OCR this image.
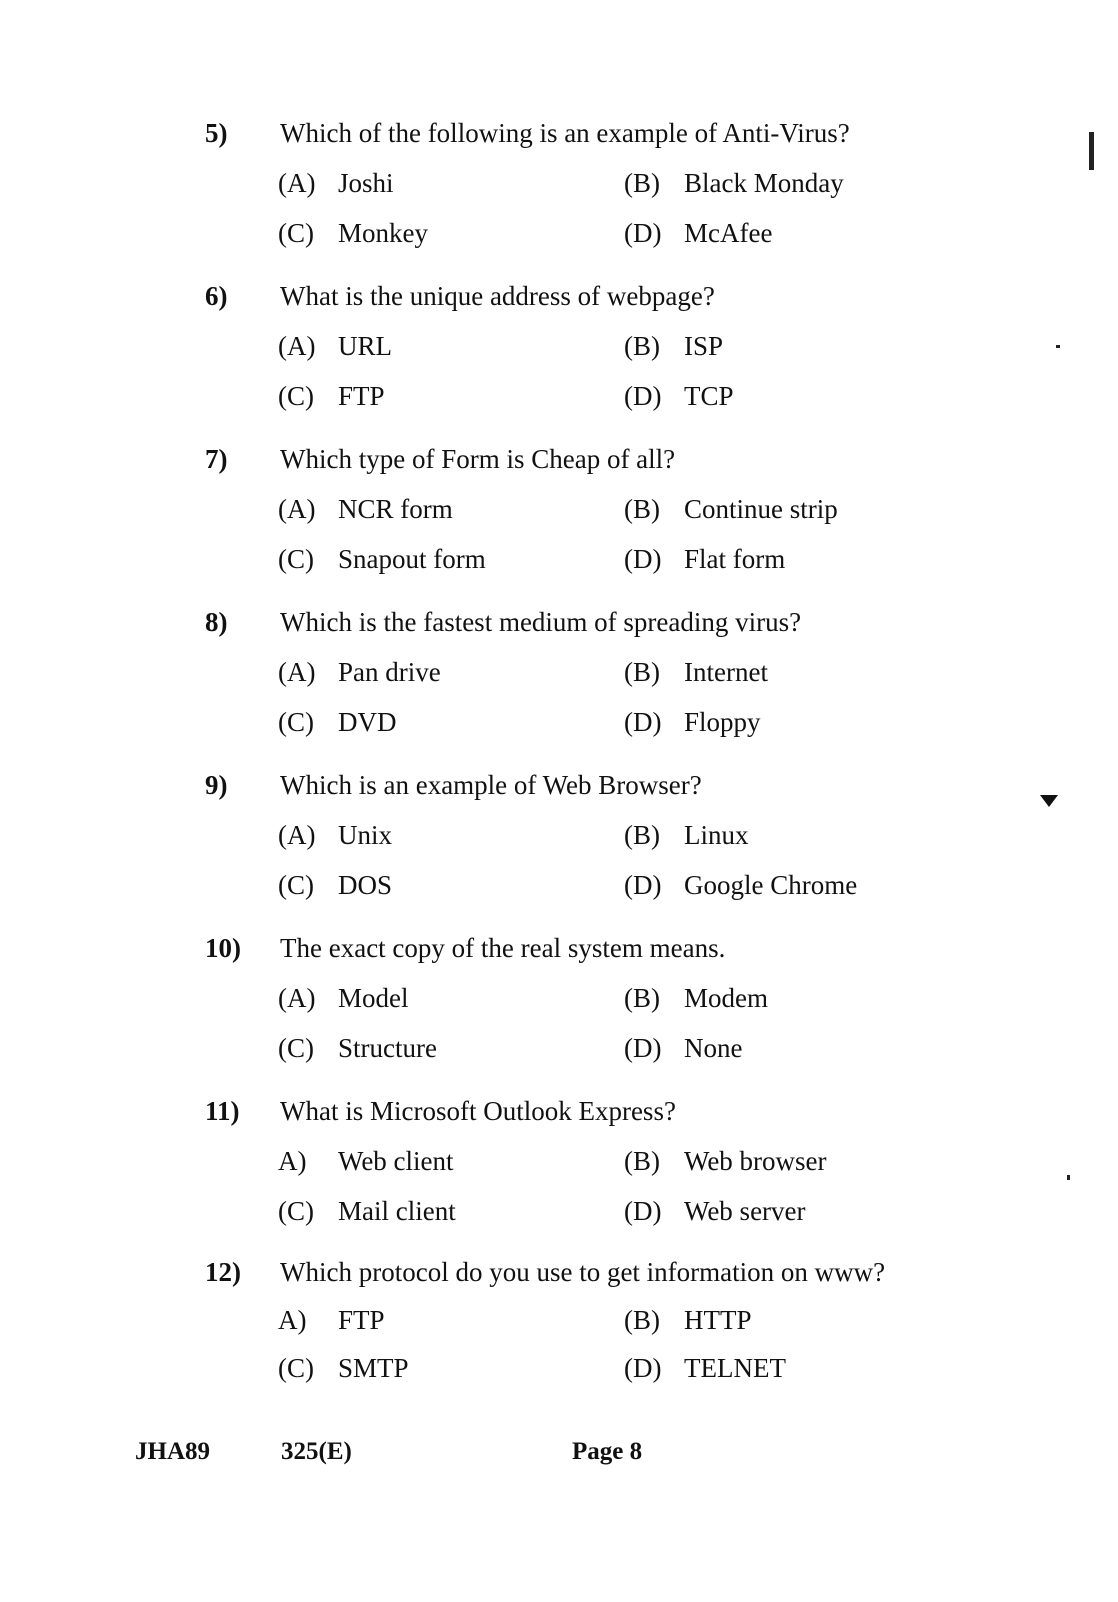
5) Which of the following is an example of Anti-Virus?
(A) Joshi	(B) Black Monday
(C) Monkey	(D) McAfee
6) What is the unique address of webpage?
(A) URL	(B) ISP
(C) FTP	(D) TCP
7) Which type of Form is Cheap of all?
(A) NCR form	(B) Continue strip
(C) Snapout form	(D) Flat form
8) Which is the fastest medium of spreading virus?
(A) Pan drive	(B) Internet
(C) DVD	(D) Floppy
9) Which is an example of Web Browser?
(A) Unix	(B) Linux
(C) DOS	(D) Google Chrome
10) The exact copy of the real system means.
(A) Model	(B) Modem
(C) Structure	(D) None
11) What is Microsoft Outlook Express?
A) Web client	(B) Web browser
(C) Mail client	(D) Web server
12) Which protocol do you use to get information on www?
A) FTP	(B) HTTP
(C) SMTP	(D) TELNET
JHA89	325(E)	Page 8
